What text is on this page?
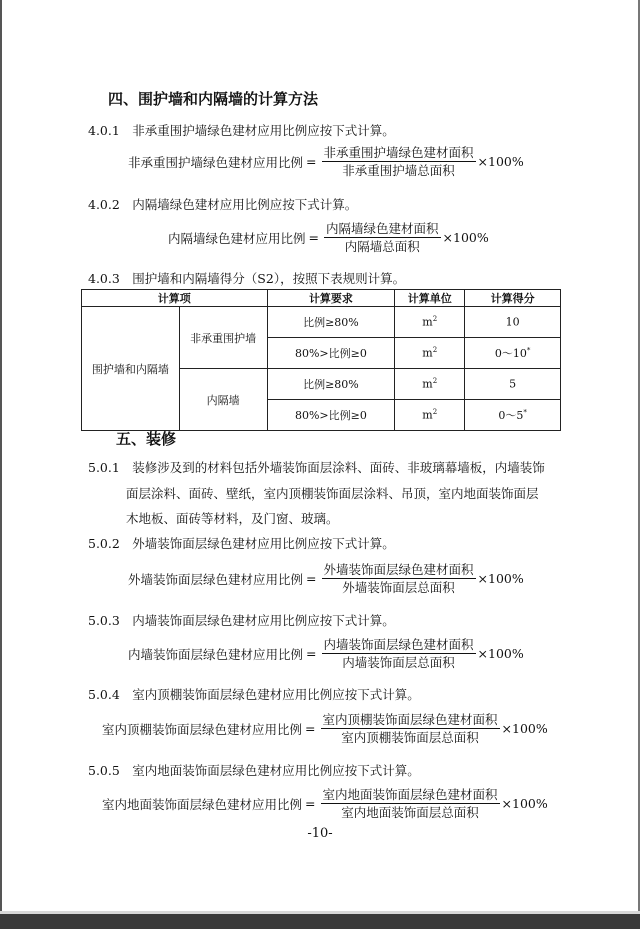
四、围护墙和内隔墙的计算方法
4.0.1　非承重围护墙绿色建材应用比例应按下式计算。
非承重围护墙绿色建材应用比例 = $\frac{\text{非承重围护墙绿色建材面积}}{\text{非承重围护墙总面积}} \times 100\%$
4.0.2　内隔墙绿色建材应用比例应按下式计算。
内隔墙绿色建材应用比例 = $\frac{\text{内隔墙绿色建材面积}}{\text{内隔墙总面积}} \times 100\%$
4.0.3　围护墙和内隔墙得分（S2），按照下表规则计算。
计算项		计算要求	计算单位	计算得分
围护墙和内隔墙	非承重围护墙	比例≥80%	$m^2$	10
		80%>比例≥0	$m^2$	0～10*
	内隔墙	比例≥80%	$m^2$	5
		80%>比例≥0	$m^2$	0～5*
五、装修
5.0.1　装修涉及到的材料包括外墙装饰面层涂料、面砖、非玻璃幕墙板，内墙装饰
面层涂料、面砖、壁纸，室内顶棚装饰面层涂料、吊顶，室内地面装饰面层
木地板、面砖等材料，及门窗、玻璃。
5.0.2　外墙装饰面层绿色建材应用比例应按下式计算。
外墙装饰面层绿色建材应用比例 = $\frac{\text{外墙装饰面层绿色建材面积}}{\text{外墙装饰面层总面积}} \times 100\%$
5.0.3　内墙装饰面层绿色建材应用比例应按下式计算。
内墙装饰面层绿色建材应用比例 = $\frac{\text{内墙装饰面层绿色建材面积}}{\text{内墙装饰面层总面积}} \times 100\%$
5.0.4　室内顶棚装饰面层绿色建材应用比例应按下式计算。
室内顶棚装饰面层绿色建材应用比例 = $\frac{\text{室内顶棚装饰面层绿色建材面积}}{\text{室内顶棚装饰面层总面积}} \times 100\%$
5.0.5　室内地面装饰面层绿色建材应用比例应按下式计算。
室内地面装饰面层绿色建材应用比例 = $\frac{\text{室内地面装饰面层绿色建材面积}}{\text{室内地面装饰面层总面积}} \times 100\%$
-10-
